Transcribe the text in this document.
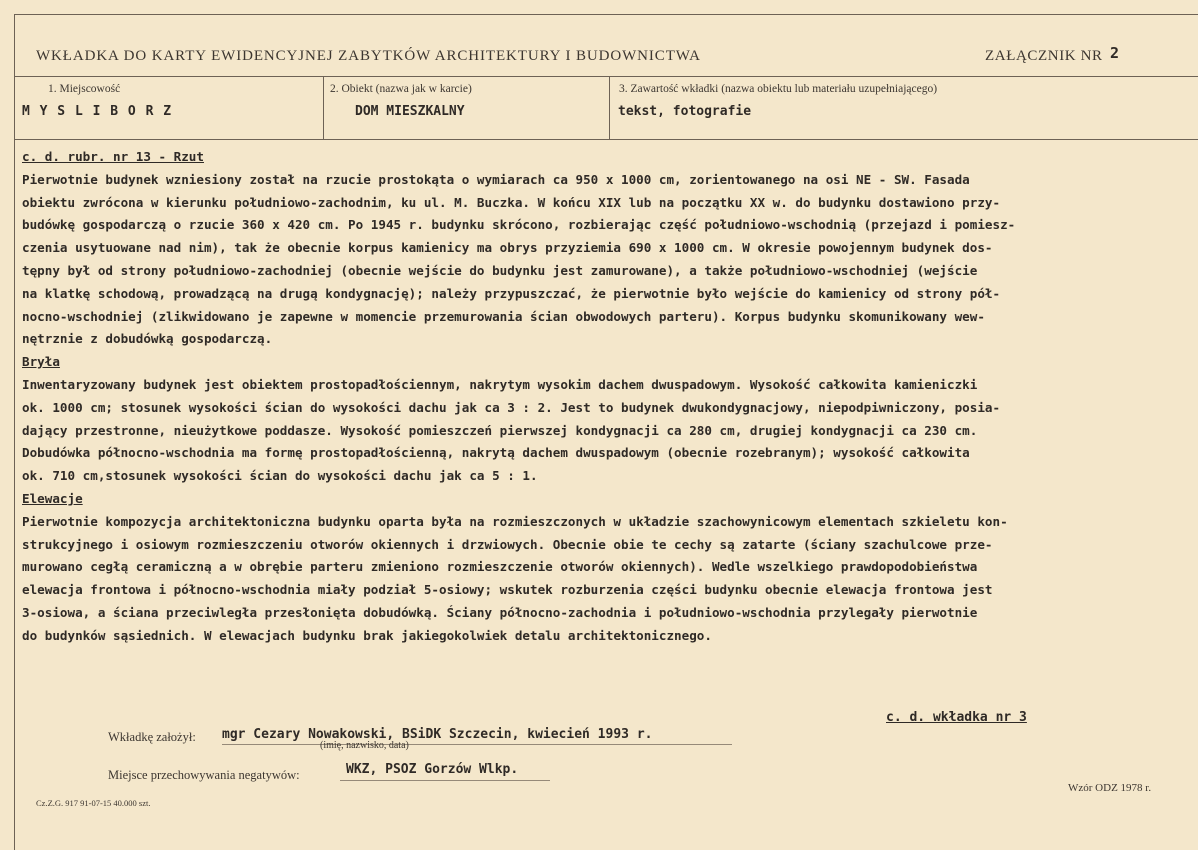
WKŁADKA DO KARTY EWIDENCYJNEJ ZABYTKÓW ARCHITEKTURY I BUDOWNICTWA	ZAŁĄCZNIK NR 2
1. Miejscowość
M Y S L I B O R Z
2. Obiekt (nazwa jak w karcie)
DOM MIESZKALNY
3. Zawartość wkładki (nazwa obiektu lub materiału uzupełniającego)
tekst, fotografie
c. d. rubr. nr 13 - Rzut
Pierwotnie budynek wzniesiony został na rzucie prostokąta o wymiarach ca 950 x 1000 cm, zorientowanego na osi NE - SW. Fasada
obiektu zwrócona w kierunku południowo-zachodnim, ku ul. M. Buczka. W końcu XIX lub na początku XX w. do budynku dostawiono przy-
budówkę gospodarczą o rzucie 360 x 420 cm. Po 1945 r. budynku skrócono, rozbierając część południowo-wschodnią (przejazd i pomiesz-
czenia usytuowane nad nim), tak że obecnie korpus kamienicy ma obrys przyziemia 690 x 1000 cm. W okresie powojennym budynek dos-
tępny był od strony południowo-zachodniej (obecnie wejście do budynku jest zamurowane), a także południowo-wschodniej (wejście
na klatkę schodową, prowadzącą na drugą kondygnację); należy przypuszczać, że pierwotnie było wejście do kamienicy od strony pół-
nocno-wschodniej (zlikwidowano je zapewne w momencie przemurowania ścian obwodowych parteru). Korpus budynku skomunikowany wew-
nętrznie z dobudówką gospodarczą.
Bryła
Inwentaryzowany budynek jest obiektem prostopadłościennym, nakrytym wysokim dachem dwuspadowym. Wysokość całkowita kamieniczki
ok. 1000 cm; stosunek wysokości ścian do wysokości dachu jak ca 3 : 2. Jest to budynek dwukondygnacjowy, niepodpiwniczony, posia-
dający przestronne, nieużytkowe poddasze. Wysokość pomieszczeń pierwszej kondygnacji ca 280 cm, drugiej kondygnacji ca 230 cm.
Dobudówka północno-wschodnia ma formę prostopadłościenną, nakrytą dachem dwuspadowym (obecnie rozebranym); wysokość całkowita
ok. 710 cm,stosunek wysokości ścian do wysokości dachu jak ca 5 : 1.
Elewacje
Pierwotnie kompozycja architektoniczna budynku oparta była na rozmieszczonych w układzie szachowynicowym elementach szkieletu kon-
strukcyjnego i osiowym rozmieszczeniu otworów okiennych i drzwiowych. Obecnie obie te cechy są zatarte (ściany szachulcowe prze-
murowano cegłą ceramiczną a w obrębie parteru zmieniono rozmieszczenie otworów okiennych). Wedle wszelkiego prawdopodobieństwa
elewacja frontowa i północno-wschodnia miały podział 5-osiowy; wskutek rozburzenia części budynku obecnie elewacja frontowa jest
3-osiowa, a ściana przeciwległa przesłonięta dobudówką. Ściany północno-zachodnia i południowo-wschodnia przylegały pierwotnie
do budynków sąsiednich. W elewacjach budynku brak jakiegokolwiek detalu architektonicznego.
c. d. wkładka nr 3
Wkładkę założył: mgr Cezary Nowakowski, BSiDK Szczecin, kwiecień 1993 r.
(imię, nazwisko, data)
Miejsce przechowywania negatywów:	WKZ, PSOZ Gorzów Wlkp.
Wzór ODZ 1978 r.
Cz.Z.G. 917 91-07-15 40.000 szt.
